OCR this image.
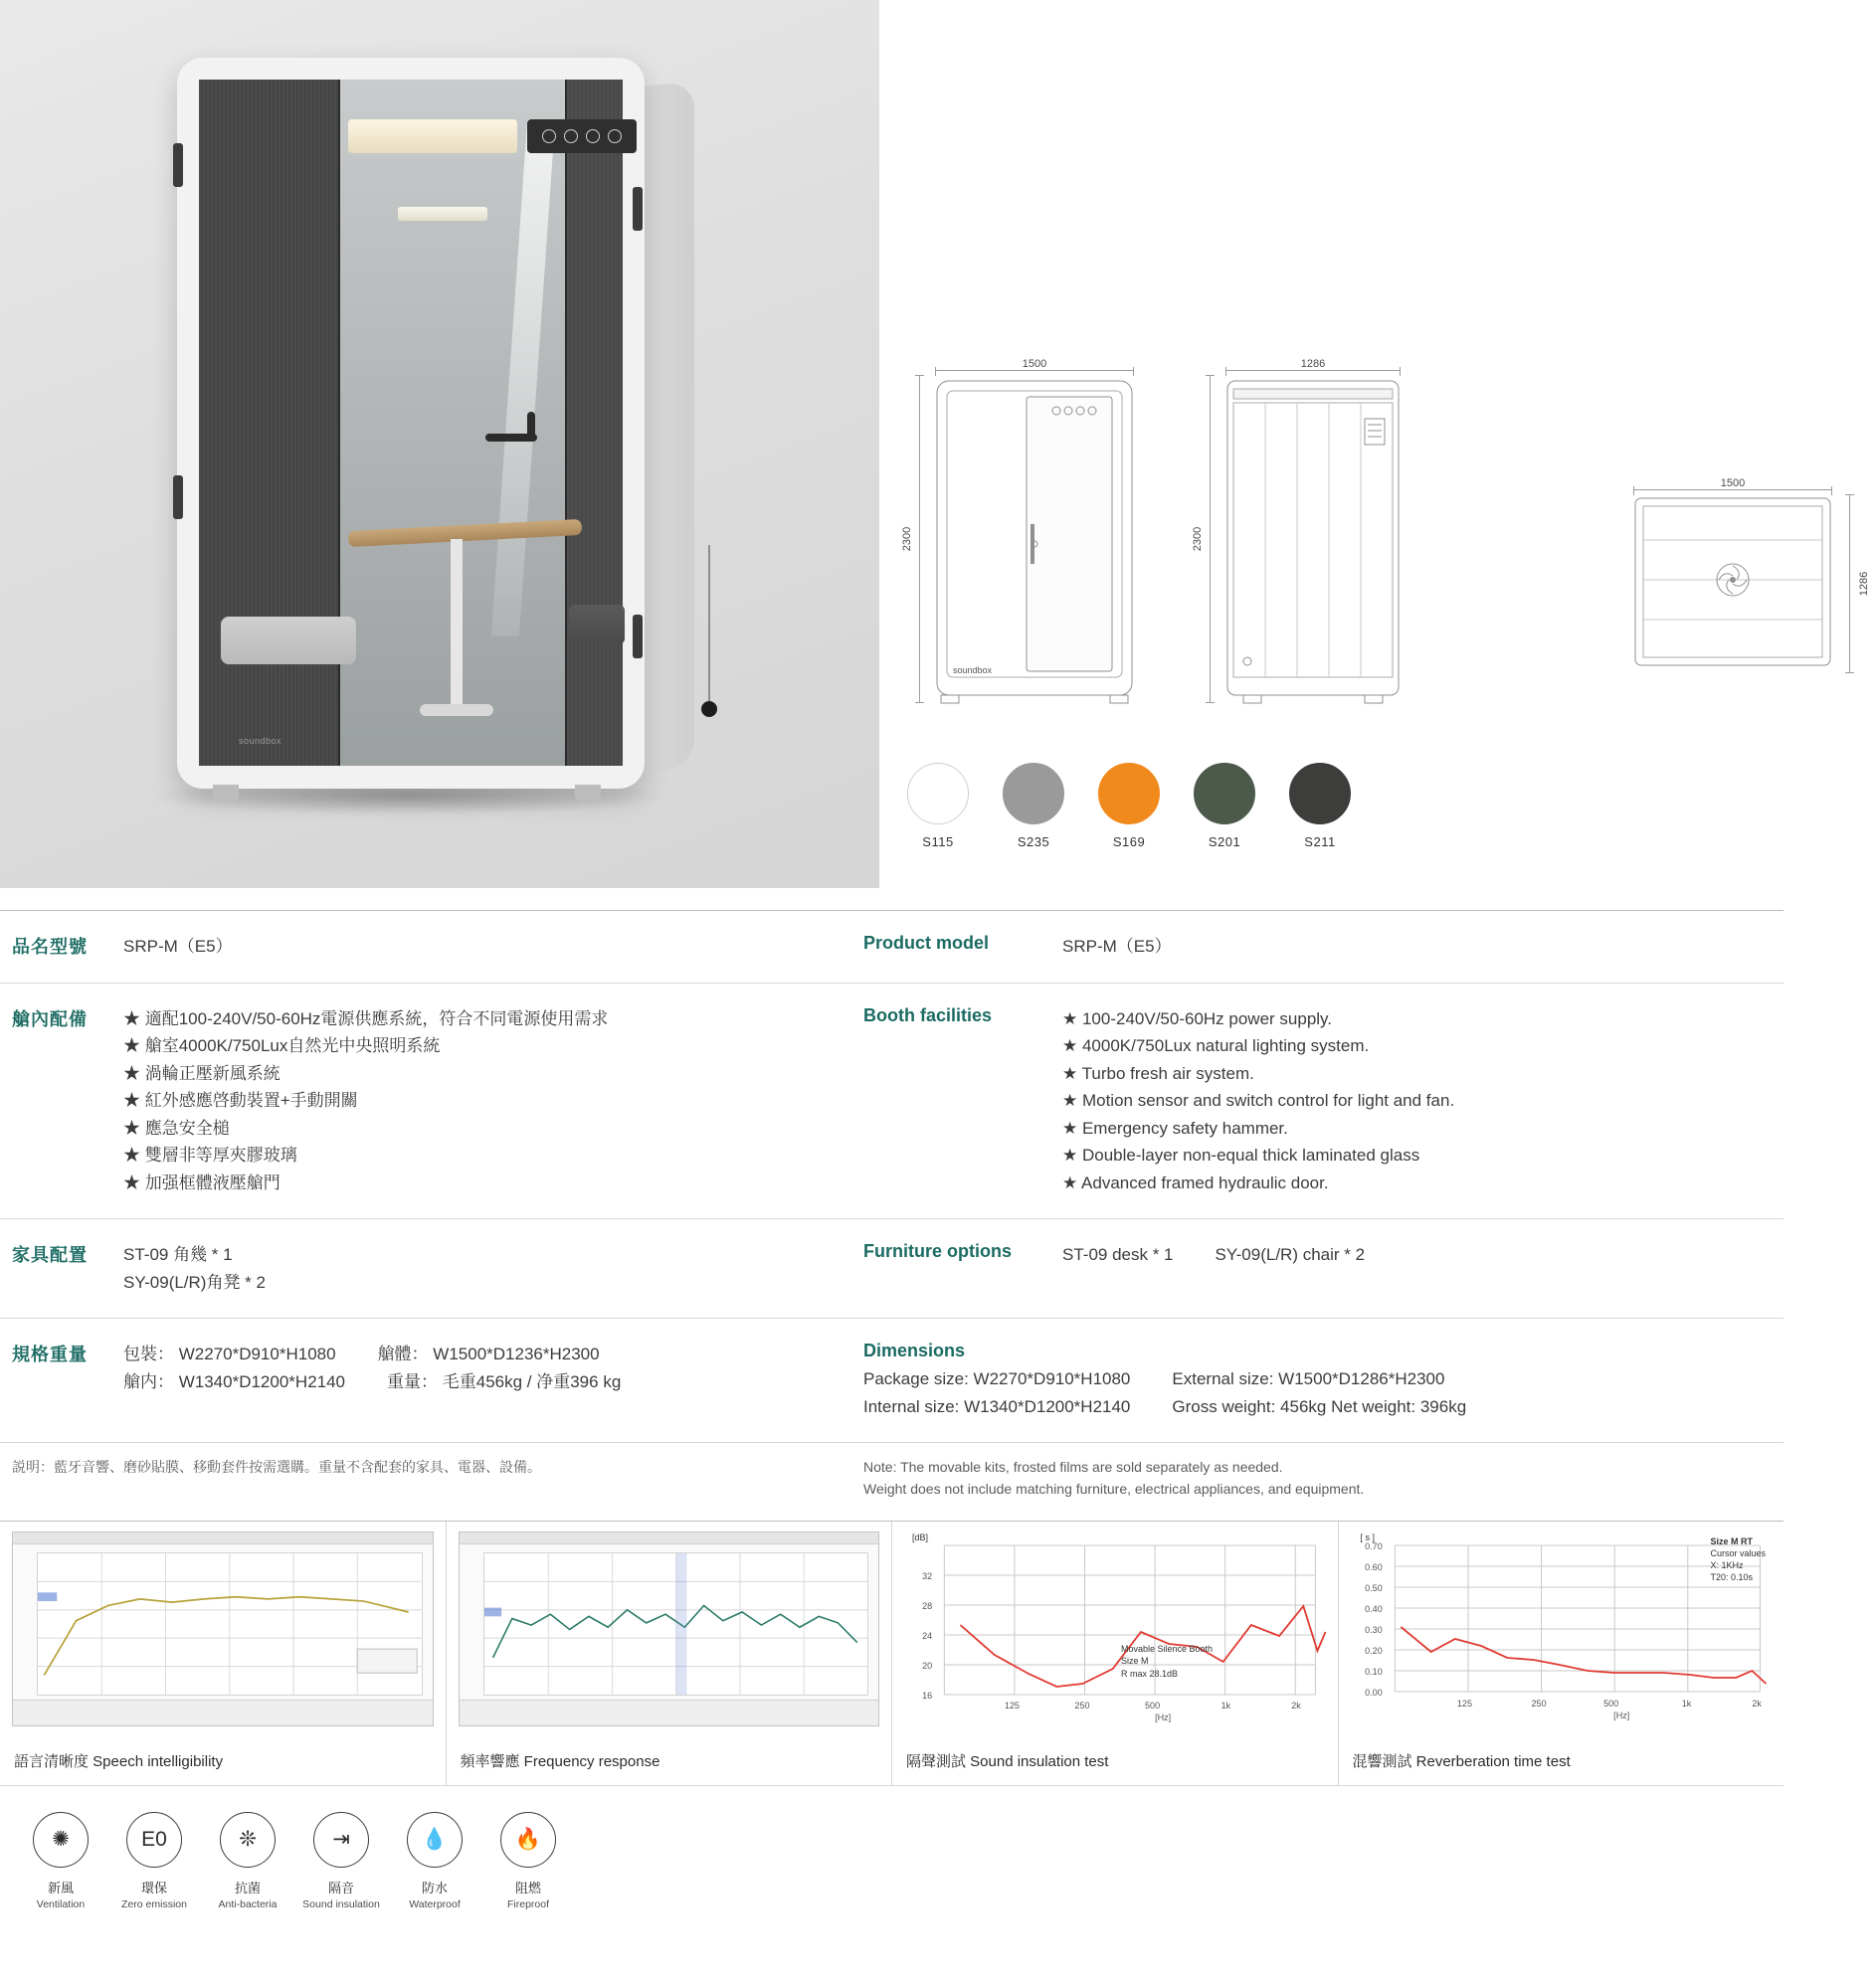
soundbox
1500
2300
soundbox
1286
2300
1500
1286
S115	S235	S169	S201	S211
品名型號	SRP-M（E5）	Product model	SRP-M（E5）
艙內配備	★ 適配100-240V/50-60Hz電源供應系統，符合不同電源使用需求
★ 艙室4000K/750Lux自然光中央照明系統
★ 渦輪正壓新風系統
★ 紅外感應啓動裝置+手動開關
★ 應急安全槌
★ 雙層非等厚夾膠玻璃
★ 加强框體液壓艙門
Booth facilities	★ 100-240V/50-60Hz power supply.
★ 4000K/750Lux natural lighting system.
★ Turbo fresh air system.
★ Motion sensor and switch control for light and fan.
★ Emergency safety hammer.
★ Double-layer non-equal thick laminated glass
★ Advanced framed hydraulic door.
家具配置	ST-09 角幾 * 1
SY-09(L/R)角凳 * 2
Furniture options	ST-09 desk * 1 SY-09(L/R) chair * 2
規格重量	包裝： W2270*D910*H1080 艙體： W1500*D1236*H2300
艙内： W1340*D1200*H2140 重量： 毛重456kg / 净重396 kg
Dimensions
Package size: W2270*D910*H1080 External size: W1500*D1286*H2300
Internal size: W1340*D1200*H2140 Gross weight: 456kg Net weight: 396kg
説明：藍牙音響、磨砂貼膜、移動套件按需選購。重量不含配套的家具、電器、設備。	Note: The movable kits, frosted films are sold separately as needed.
Weight does not include matching furniture, electrical appliances, and equipment.
語言清晰度 Speech intelligibility	頻率響應 Frequency response
[dB]
32
28
24
20
16
125	250	500	1k	2k
[Hz]
Movable Silence Booth
Size M
R max 28.1dB
隔聲測試 Sound insulation test
[ s ]
0.70
0.60
0.50
0.40
0.30
0.20
0.10
0.00
125	250	500	1k	2k
[Hz]
Size M RT
Cursor values
X: 1KHz
T20: 0.10s
混響測試 Reverberation time test
✺
新風
Ventilation
E0
環保
Zero emission
❊
抗菌
Anti-bacteria
⇥
隔音
Sound insulation
💧
防水
Waterproof
🔥
阻燃
Fireproof
